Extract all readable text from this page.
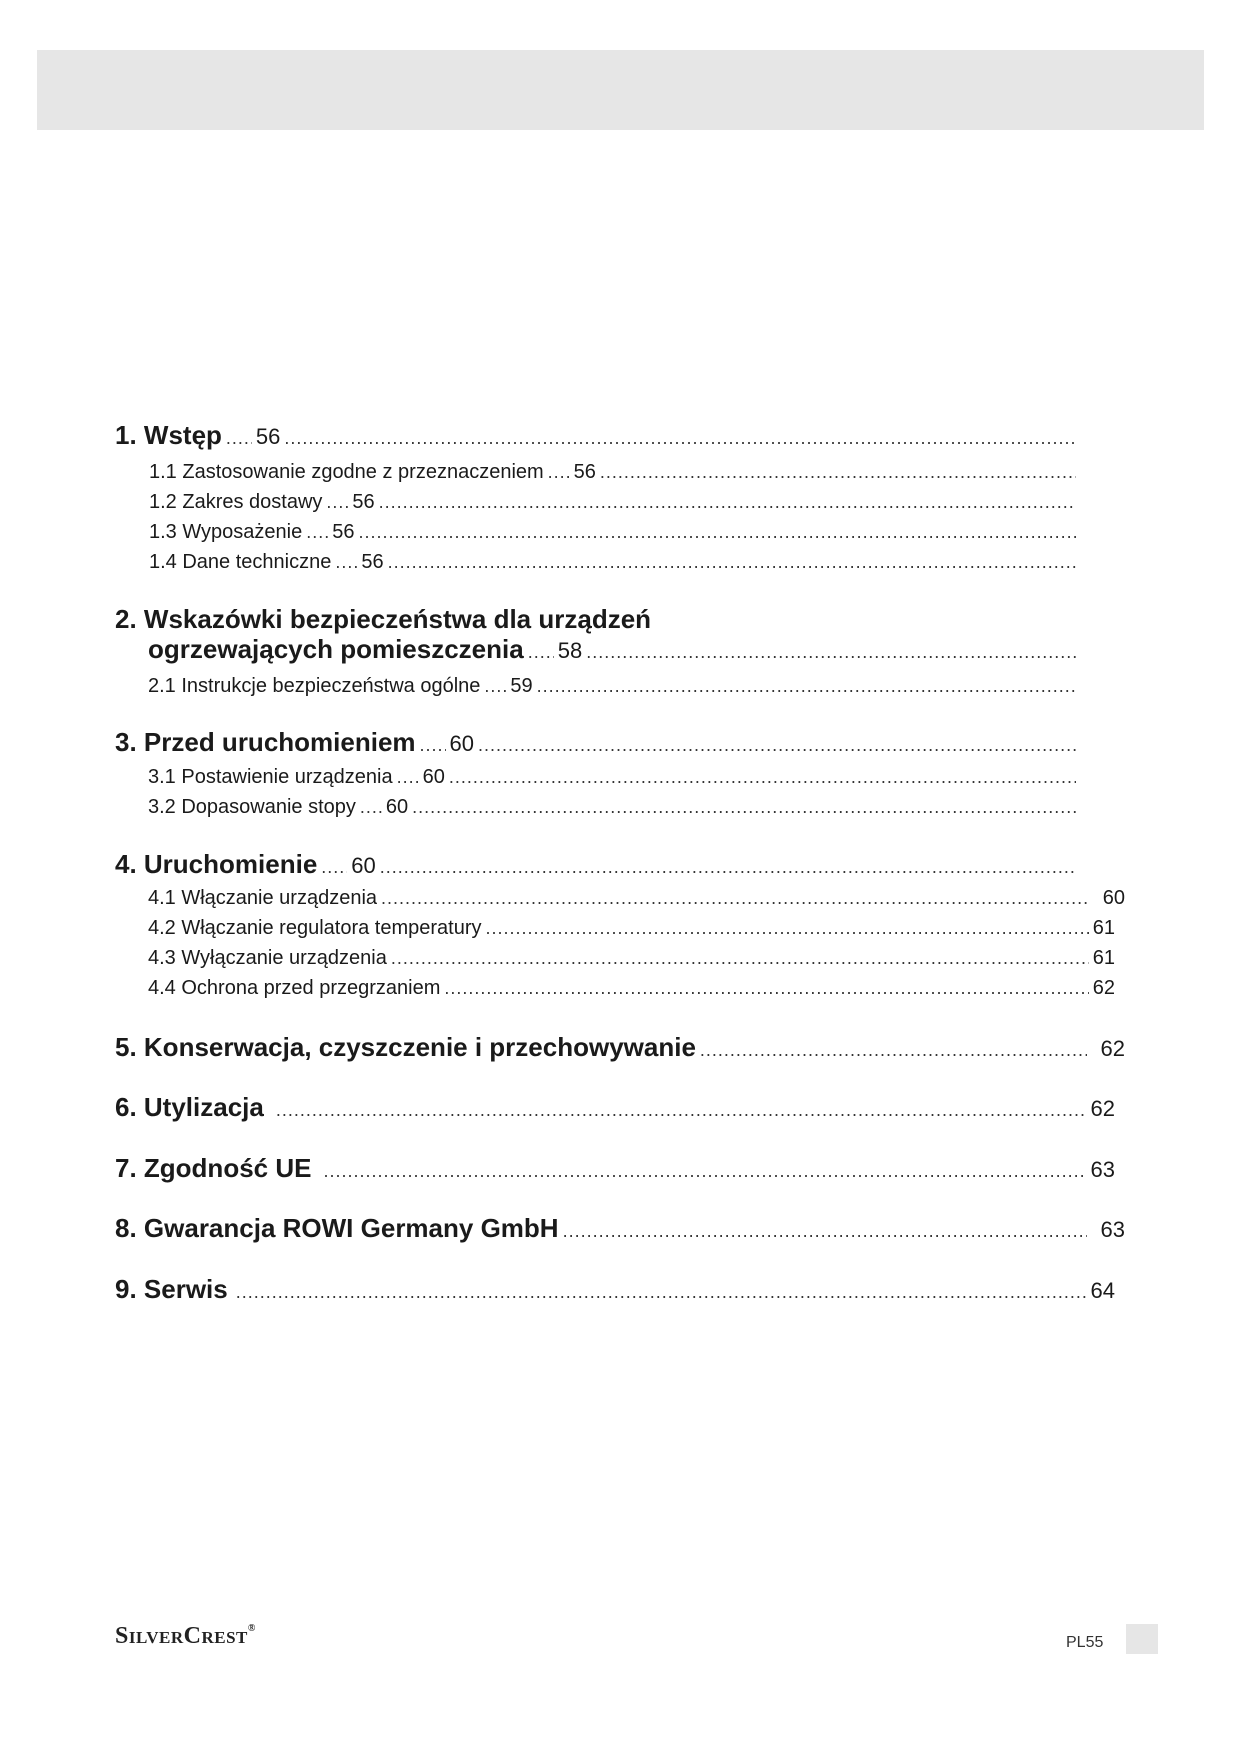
1. Wstęp ..... 56
.....
1.1 Zastosowanie zgodne z przeznaczeniem ..... 56
.....
1.2 Zakres dostawy ..... 56
.....
1.3 Wyposażenie ..... 56
.....
1.4 Dane techniczne ..... 56
.....
2. Wskazówki bezpieczeństwa dla urządzeń
ogrzewających pomieszczenia ..... 58
.....
2.1 Instrukcje bezpieczeństwa ogólne ..... 59
.....
3. Przed uruchomieniem ..... 60
.....
3.1 Postawienie urządzenia ..... 60
.....
3.2 Dopasowanie stopy ..... 60
.....
4. Uruchomienie ..... 60
.....
4.1 Włączanie urządzenia .....	60
4.2 Włączanie regulatora temperatury .....	61
4.3 Wyłączanie urządzenia .....	61
4.4 Ochrona przed przegrzaniem .....	62
5. Konserwacja, czyszczenie i przechowywanie .....	62
6. Utylizacja .....	62
7. Zgodność UE .....	63
8. Gwarancja ROWI Germany GmbH .....	63
9. Serwis .....	64
SilverCrest®
PL55
